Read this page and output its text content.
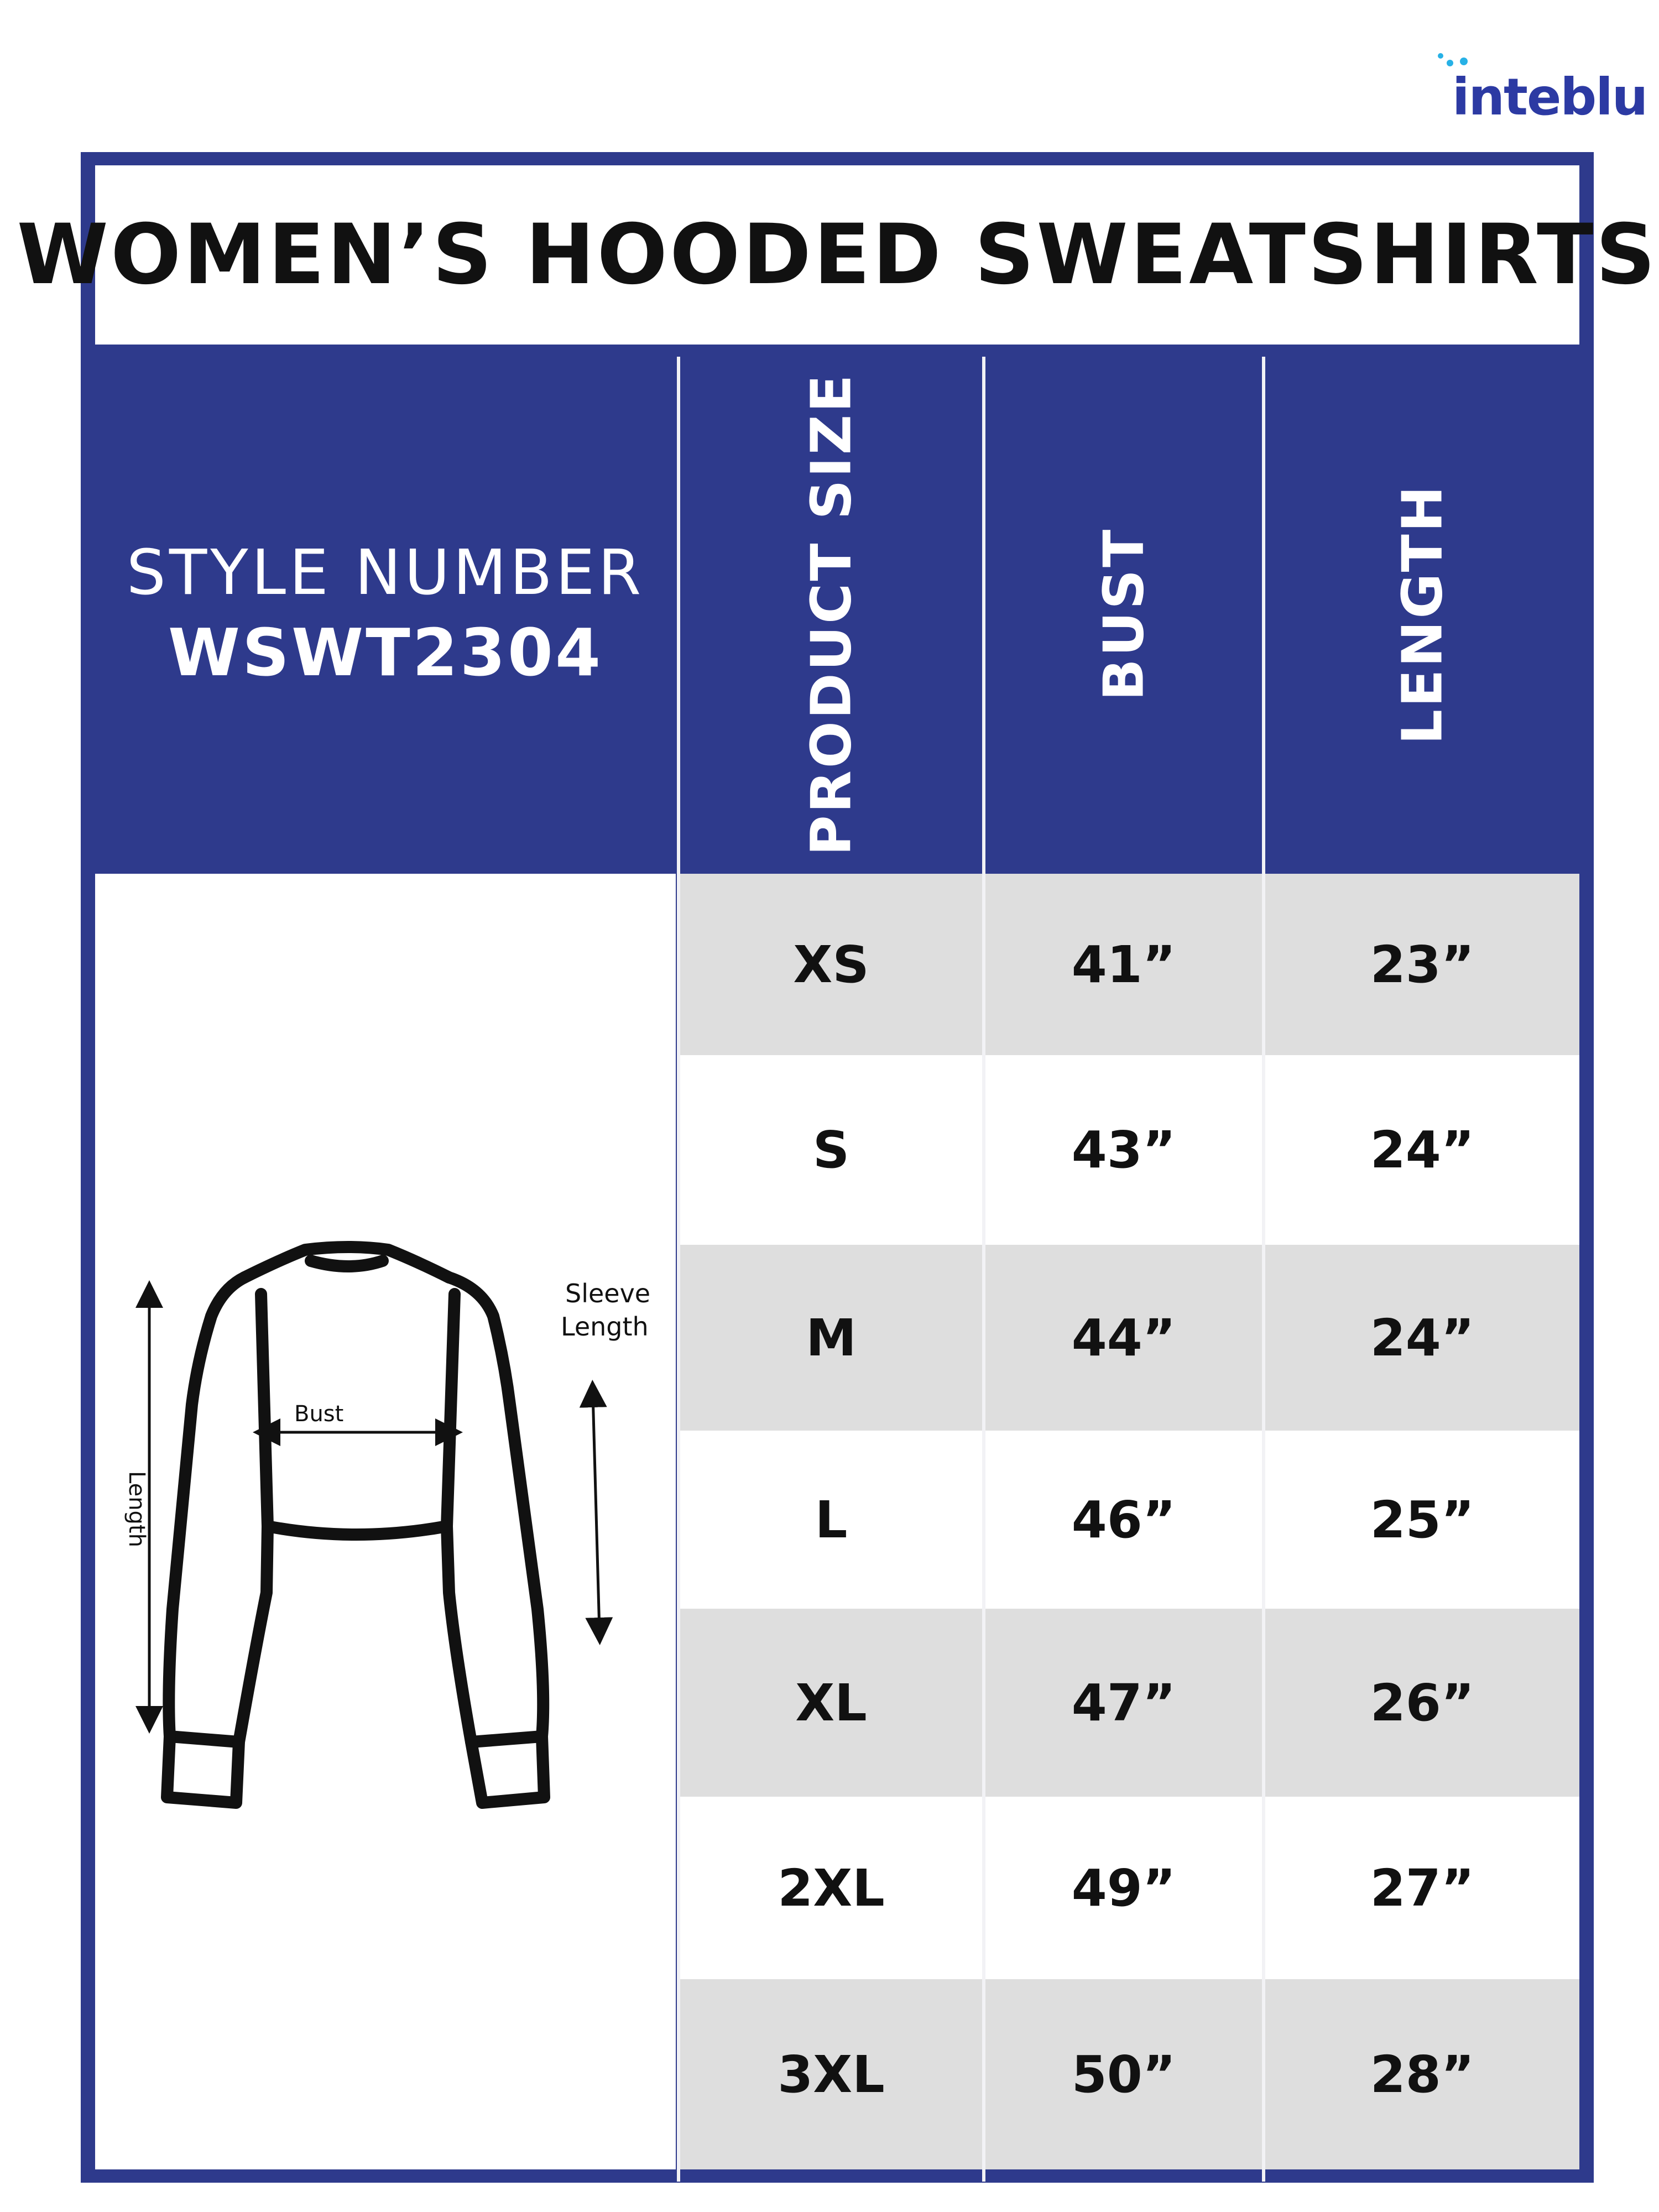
inteblu
WOMEN’S HOODED SWEATSHIRTS
STYLE NUMBER
WSWT2304	PRODUCT SIZE	BUST	LENGTH
Length
Bust
Sleeve
Length
XS	41”	23”
S	43”	24”
M	44”	24”
L	46”	25”
XL	47”	26”
2XL	49”	27”
3XL	50”	28”
